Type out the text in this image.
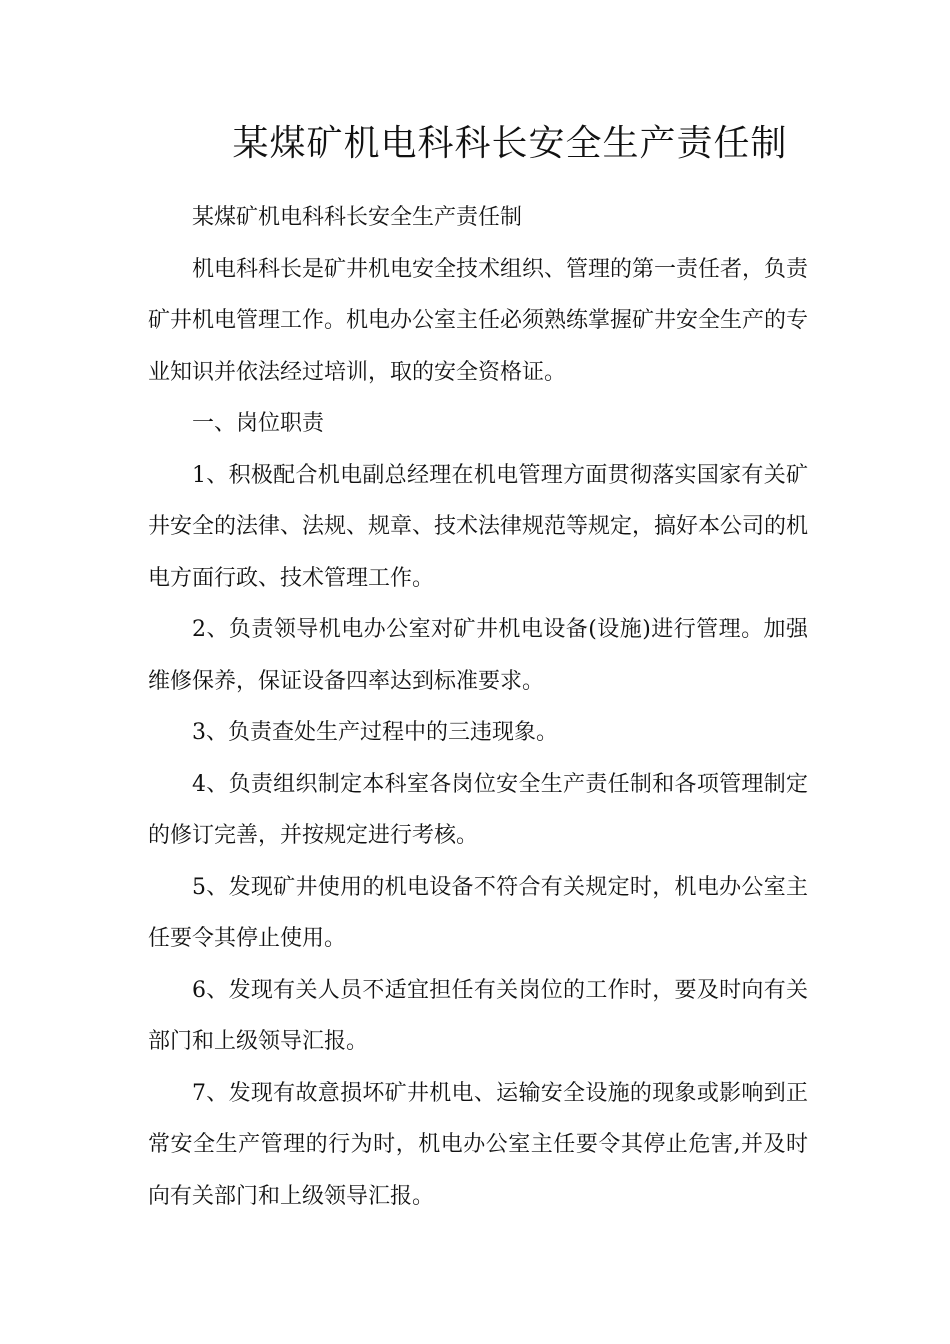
某煤矿机电科科长安全生产责任制

某煤矿机电科科长安全生产责任制

机电科科长是矿井机电安全技术组织、管理的第一责任者，负责矿井机电管理工作。机电办公室主任必须熟练掌握矿井安全生产的专业知识并依法经过培训，取的安全资格证。

一、岗位职责

1、积极配合机电副总经理在机电管理方面贯彻落实国家有关矿井安全的法律、法规、规章、技术法律规范等规定，搞好本公司的机电方面行政、技术管理工作。

2、负责领导机电办公室对矿井机电设备(设施)进行管理。加强维修保养，保证设备四率达到标准要求。

3、负责查处生产过程中的三违现象。

4、负责组织制定本科室各岗位安全生产责任制和各项管理制定的修订完善，并按规定进行考核。

5、发现矿井使用的机电设备不符合有关规定时，机电办公室主任要令其停止使用。

6、发现有关人员不适宜担任有关岗位的工作时，要及时向有关部门和上级领导汇报。

7、发现有故意损坏矿井机电、运输安全设施的现象或影响到正常安全生产管理的行为时，机电办公室主任要令其停止危害,并及时向有关部门和上级领导汇报。
